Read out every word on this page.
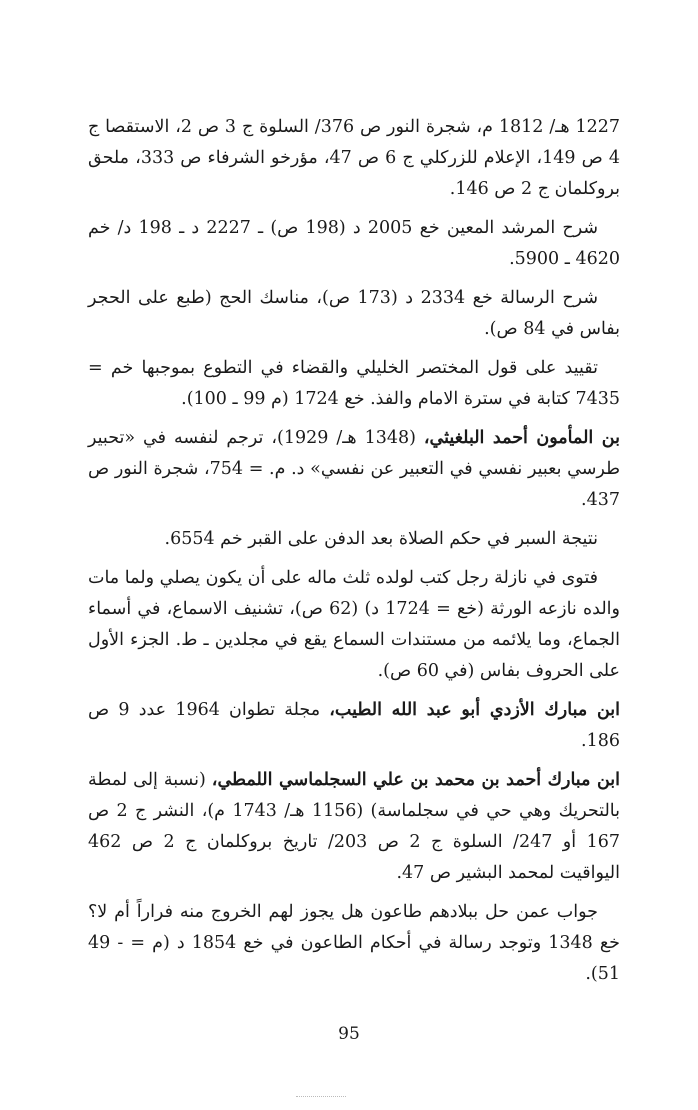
1227 هـ/ 1812 م، شجرة النور ص 376/ السلوة ج 3 ص 2، الاستقصا ج 4 ص 149، الإعلام للزركلي ج 6 ص 47، مؤرخو الشرفاء ص 333، ملحق بروكلمان ج 2 ص 146.

شرح المرشد المعين خع 2005 د (198 ص) ـ 2227 د ـ 198 د/ خم 4620 ـ 5900.

شرح الرسالة خع 2334 د (173 ص)، مناسك الحج (طبع على الحجر بفاس في 84 ص).

تقييد على قول المختصر الخليلي والقضاء في التطوع بموجبها خم = 7435 كتابة في سترة الامام والفذ. خع 1724 (م 99 ـ 100).

بن المأمون أحمد البلغيثي، (1348 هـ/ 1929)، ترجم لنفسه في «تحبير طرسي بعبير نفسي في التعبير عن نفسي» د. م. = 754، شجرة النور ص 437.

نتيجة السبر في حكم الصلاة بعد الدفن على القبر خم 6554.

فتوى في نازلة رجل كتب لولده ثلث ماله على أن يكون يصلي ولما مات والده نازعه الورثة (خع = 1724 د) (62 ص)، تشنيف الاسماع، في أسماء الجماع، وما يلائمه من مستندات السماع يقع في مجلدين ـ ط. الجزء الأول على الحروف بفاس (في 60 ص).

ابن مبارك الأزدي أبو عبد الله الطيب، مجلة تطوان 1964 عدد 9 ص 186.

ابن مبارك أحمد بن محمد بن علي السجلماسي اللمطي، (نسبة إلى لمطة بالتحريك وهي حي في سجلماسة) (1156 هـ/ 1743 م)، النشر ج 2 ص 167 أو 247/ السلوة ج 2 ص 203/ تاريخ بروكلمان ج 2 ص 462 اليواقيت لمحمد البشير ص 47.

جواب عمن حل ببلادهم طاعون هل يجوز لهم الخروج منه فراراً أم لا؟ خع 1348 وتوجد رسالة في أحكام الطاعون في خع 1854 د (م = - 49 51).

95
